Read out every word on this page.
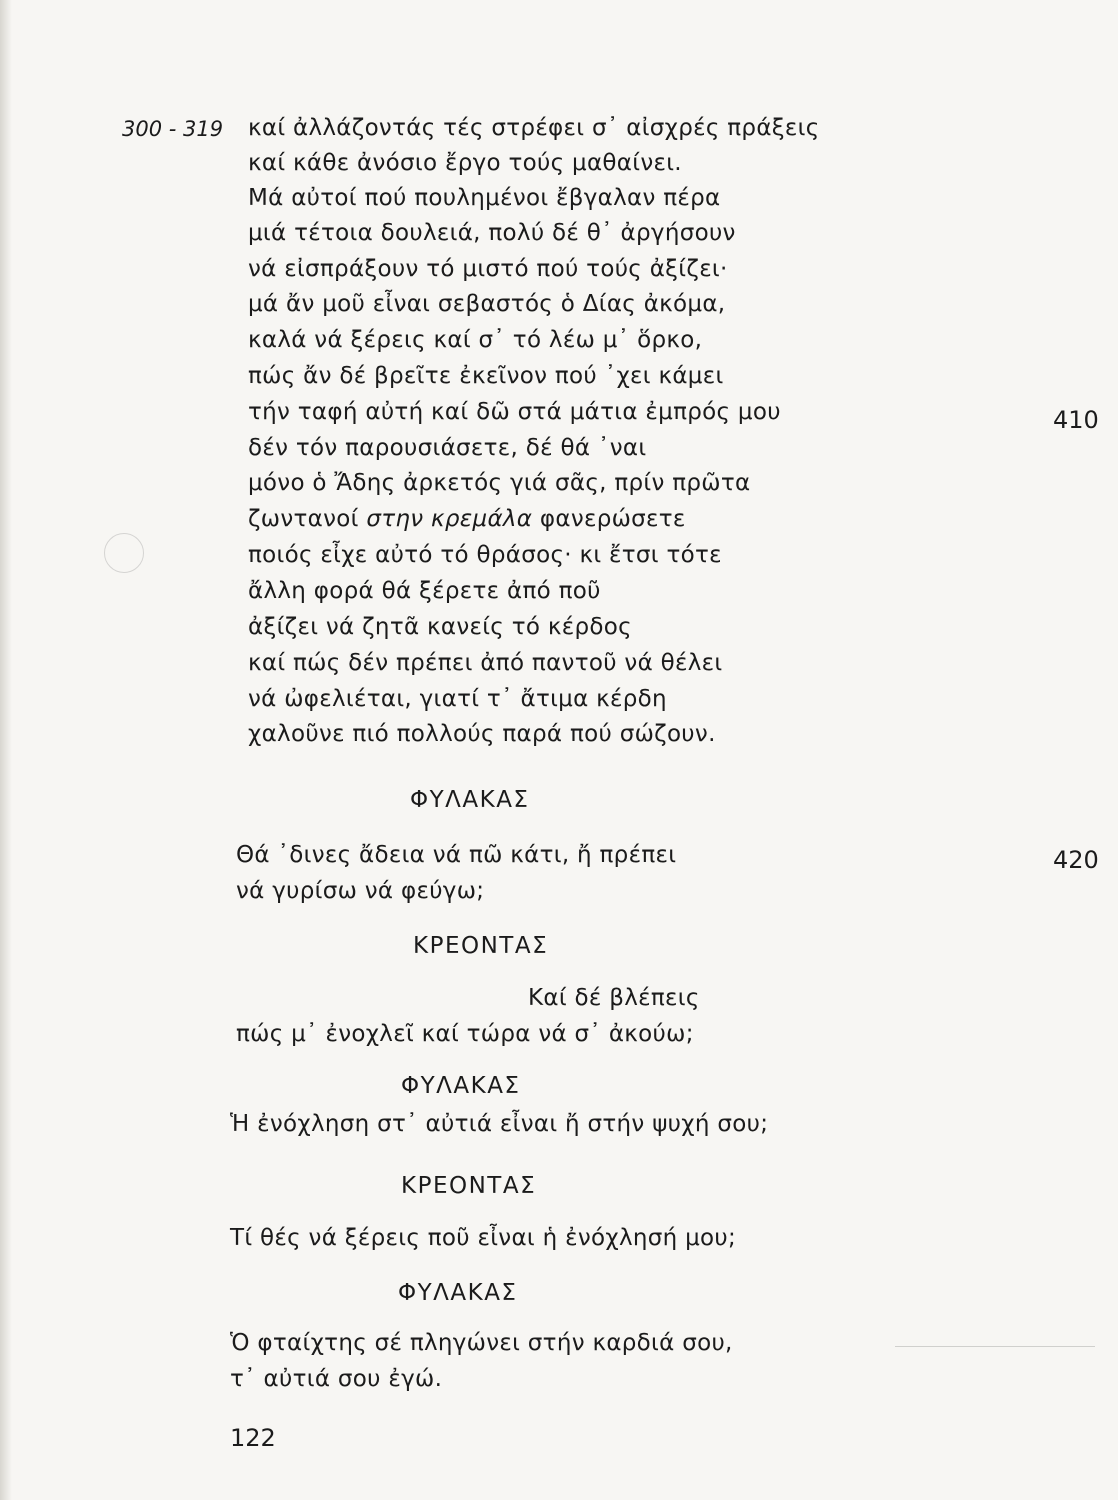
300 - 319 καί ἀλλάζοντάς τές στρέφει σ᾽ αἰσχρές πράξεις
καί κάθε ἀνόσιο ἔργο τούς μαθαίνει.
Μά αὐτοί πού πουλημένοι ἔβγαλαν πέρα
μιά τέτοια δουλειά, πολύ δέ θ᾽ ἀργήσουν
νά εἰσπράξουν τό μιστό πού τούς ἀξίζει·
μά ἄν μοῦ εἶναι σεβαστός ὁ Δίας ἀκόμα,
καλά νά ξέρεις καί σ᾽ τό λέω μ᾽ ὅρκο,
πώς ἄν δέ βρεῖτε ἐκεῖνον πού ᾽χει κάμει
τήν ταφή αὐτή καί δῶ στά μάτια ἐμπρός μου	410
δέν τόν παρουσιάσετε, δέ θά ᾽ναι
μόνο ὁ Ἄδης ἀρκετός γιά σᾶς, πρίν πρῶτα
ζωντανοί στην κρεμάλα φανερώσετε
ποιός εἶχε αὐτό τό θράσος· κι ἔτσι τότε
ἄλλη φορά θά ξέρετε ἀπό ποῦ
ἀξίζει νά ζητᾶ κανείς τό κέρδος
καί πώς δέν πρέπει ἀπό παντοῦ νά θέλει
νά ὠφελιέται, γιατί τ᾽ ἄτιμα κέρδη
χαλοῦνε πιό πολλούς παρά πού σώζουν.
ΦΥΛΑΚΑΣ
Θά ᾽δινες ἄδεια νά πῶ κάτι, ἤ πρέπει	420
νά γυρίσω νά φεύγω;
ΚΡΕΟΝΤΑΣ
Καί δέ βλέπεις
πώς μ᾽ ἐνοχλεῖ καί τώρα νά σ᾽ ἀκούω;
ΦΥΛΑΚΑΣ
Ἡ ἐνόχληση στ᾽ αὐτιά εἶναι ἤ στήν ψυχή σου;
ΚΡΕΟΝΤΑΣ
Τί θές νά ξέρεις ποῦ εἶναι ἡ ἐνόχλησή μου;
ΦΥΛΑΚΑΣ
Ὁ φταίχτης σέ πληγώνει στήν καρδιά σου,
τ᾽ αὐτιά σου ἐγώ.
122
